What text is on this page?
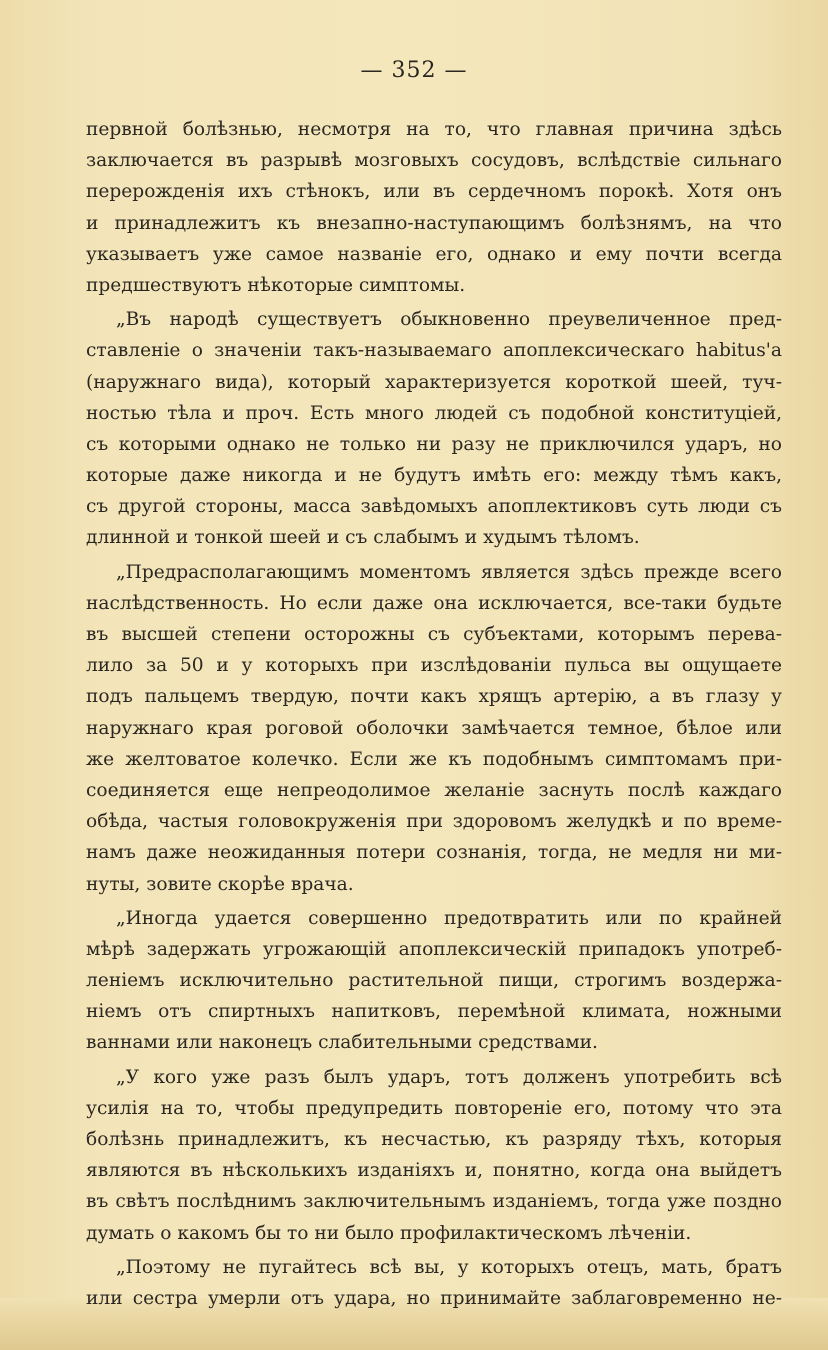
— 352 —
первной болѣзнью, несмотря на то, что главная причина здѣсь
заключается въ разрывѣ мозговыхъ сосудовъ, вслѣдствіе сильнаго
перерожденія ихъ стѣнокъ, или въ сердечномъ порокѣ. Хотя онъ
и принадлежитъ къ внезапно-наступающимъ болѣзнямъ, на что
указываетъ уже самое названіе его, однако и ему почти всегда
предшествуютъ нѣкоторые симптомы.
„Въ народѣ существуетъ обыкновенно преувеличенное пред-
ставленіе о значеніи такъ-называемаго апоплексическаго habitus'a
(наружнаго вида), который характеризуется короткой шеей, туч-
ностью тѣла и проч. Есть много людей съ подобной конституціей,
съ которыми однако не только ни разу не приключился ударъ, но
которые даже никогда и не будутъ имѣть его: между тѣмъ какъ,
съ другой стороны, масса завѣдомыхъ апоплектиковъ суть люди съ
длинной и тонкой шеей и съ слабымъ и худымъ тѣломъ.
„Предрасполагающимъ моментомъ является здѣсь прежде всего
наслѣдственность. Но если даже она исключается, все-таки будьте
въ высшей степени осторожны съ субъектами, которымъ перева-
лило за 50 и у которыхъ при изслѣдованіи пульса вы ощущаете
подъ пальцемъ твердую, почти какъ хрящъ артерію, а въ глазу у
наружнаго края роговой оболочки замѣчается темное, бѣлое или
же желтоватое колечко. Если же къ подобнымъ симптомамъ при-
соединяется еще непреодолимое желаніе заснуть послѣ каждаго
обѣда, частыя головокруженія при здоровомъ желудкѣ и по време-
намъ даже неожиданныя потери сознанія, тогда, не медля ни ми-
нуты, зовите скорѣе врача.
„Иногда удается совершенно предотвратить или по крайней
мѣрѣ задержать угрожающій апоплексическій припадокъ употреб-
леніемъ исключительно растительной пищи, строгимъ воздержа-
ніемъ отъ спиртныхъ напитковъ, перемѣной климата, ножными
ваннами или наконецъ слабительными средствами.
„У кого уже разъ былъ ударъ, тотъ долженъ употребить всѣ
усилія на то, чтобы предупредить повтореніе его, потому что эта
болѣзнь принадлежитъ, къ несчастью, къ разряду тѣхъ, которыя
являются въ нѣсколькихъ изданіяхъ и, понятно, когда она выйдетъ
въ свѣтъ послѣднимъ заключительнымъ изданіемъ, тогда уже поздно
думать о какомъ бы то ни было профилактическомъ лѣченіи.
„Поэтому не пугайтесь всѣ вы, у которыхъ отецъ, мать, братъ
или сестра умерли отъ удара, но принимайте заблаговременно не-
